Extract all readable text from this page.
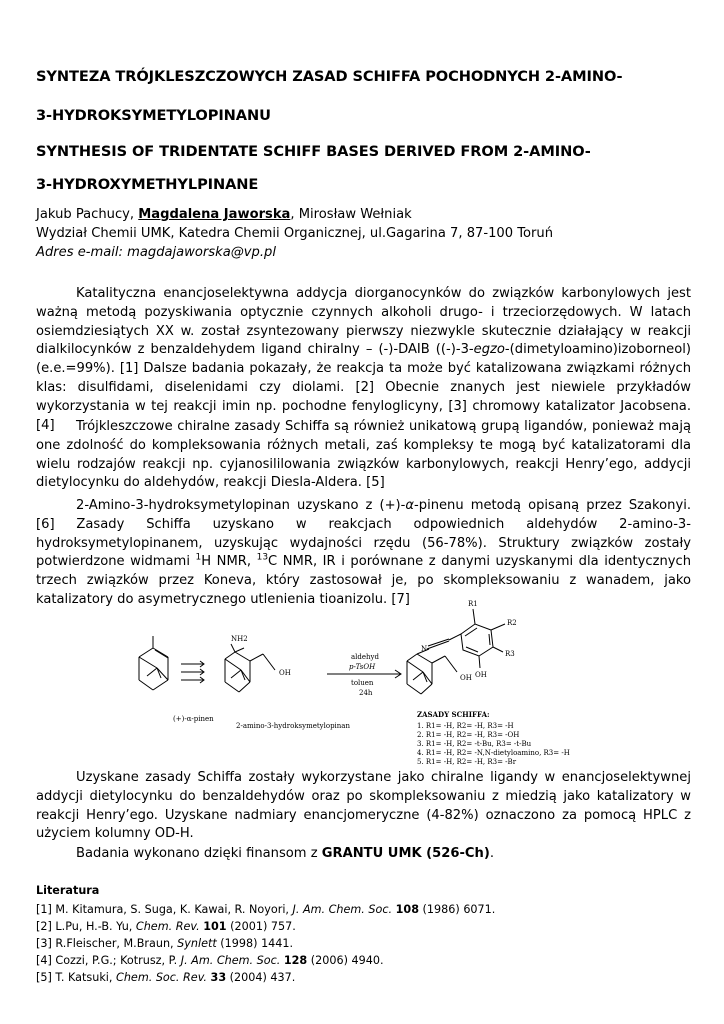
SYNTEZA TRÓJKLESZCZOWYCH ZASAD SCHIFFA POCHODNYCH 2-AMINO-
3-HYDROKSYMETYLOPINANU
SYNTHESIS OF TRIDENTATE SCHIFF BASES DERIVED FROM 2-AMINO-
3-HYDROXYMETHYLPINANE
Jakub Pachucy, Magdalena Jaworska, Mirosław Wełniak
Wydział Chemii UMK, Katedra Chemii Organicznej, ul.Gagarina 7, 87-100 Toruń
Adres e-mail: magdajaworska@vp.pl

Katalityczna enancjoselektywna addycja diorganocynków do związków karbonylowych jest ważną metodą pozyskiwania optycznie czynnych alkoholi drugo- i trzeciorzędowych. W latach osiemdziesiątych XX w. został zsyntezowany pierwszy niezwykle skutecznie działający w reakcji dialkilocynków z benzaldehydem ligand chiralny – (-)-DAIB ((-)-3-egzo-(dimetyloamino)izoborneol) (e.e.=99%). [1] Dalsze badania pokazały, że reakcja ta może być katalizowana związkami różnych klas: disulfidami, diselenidami czy diolami. [2] Obecnie znanych jest niewiele przykładów wykorzystania w tej reakcji imin np. pochodne fenyloglicyny, [3] chromowy katalizator Jacobsena. [4]	Trójkleszczowe chiralne zasady Schiffa są również unikatową grupą ligandów, ponieważ mają one zdolność do kompleksowania różnych metali, zaś kompleksy te mogą być katalizatorami dla wielu rodzajów reakcji np. cyjanosililowania związków karbonylowych, reakcji Henry’ego, addycji dietylocynku do aldehydów, reakcji Diesla-Aldera. [5]

2-Amino-3-hydroksymetylopinan uzyskano z (+)-α-pinenu metodą opisaną przez Szakonyi. [6] Zasady Schiffa uzyskano w reakcjach odpowiednich aldehydów 2-amino-3-hydroksymetylopinanem, uzyskując wydajności rzędu (56-78%). Struktury związków zostały potwierdzone widmami $^1$H NMR, $^{13}$C NMR, IR i porównane z danymi uzyskanymi dla identycznych trzech związków przez Koneva, który zastosował je, po skompleksowaniu z wanadem, jako katalizatory do asymetrycznego utlenienia tioanizolu. [7]

(+)-α-pinen
2-amino-3-hydroksymetylopinan
NH2
OH
aldehyd
p-TsOH
toluen
24h
R1
R2
R3
N
OH
OH
ZASADY SCHIFFA:
1. R1= -H, R2= -H, R3= -H
2. R1= -H, R2= -H, R3= -OH
3. R1= -H, R2= -t-Bu, R3= -t-Bu
4. R1= -H, R2= -N,N-dietyloamino, R3= -H
5. R1= -H, R2= -H, R3= -Br

Uzyskane zasady Schiffa zostały wykorzystane jako chiralne ligandy w enancjoselektywnej addycji dietylocynku do benzaldehydów oraz po skompleksowaniu z miedzią jako katalizatory w reakcji Henry’ego. Uzyskane nadmiary enancjomeryczne (4-82%) oznaczono za pomocą HPLC z użyciem kolumny OD-H.

Badania wykonano dzięki finansom z GRANTU UMK (526-Ch).

Literatura
[1] M. Kitamura, S. Suga, K. Kawai, R. Noyori, J. Am. Chem. Soc. 108 (1986) 6071.
[2] L.Pu, H.-B. Yu, Chem. Rev. 101 (2001) 757.
[3] R.Fleischer, M.Braun, Synlett (1998) 1441.
[4] Cozzi, P.G.; Kotrusz, P. J. Am. Chem. Soc. 128 (2006) 4940.
[5] T. Katsuki, Chem. Soc. Rev. 33 (2004) 437.
